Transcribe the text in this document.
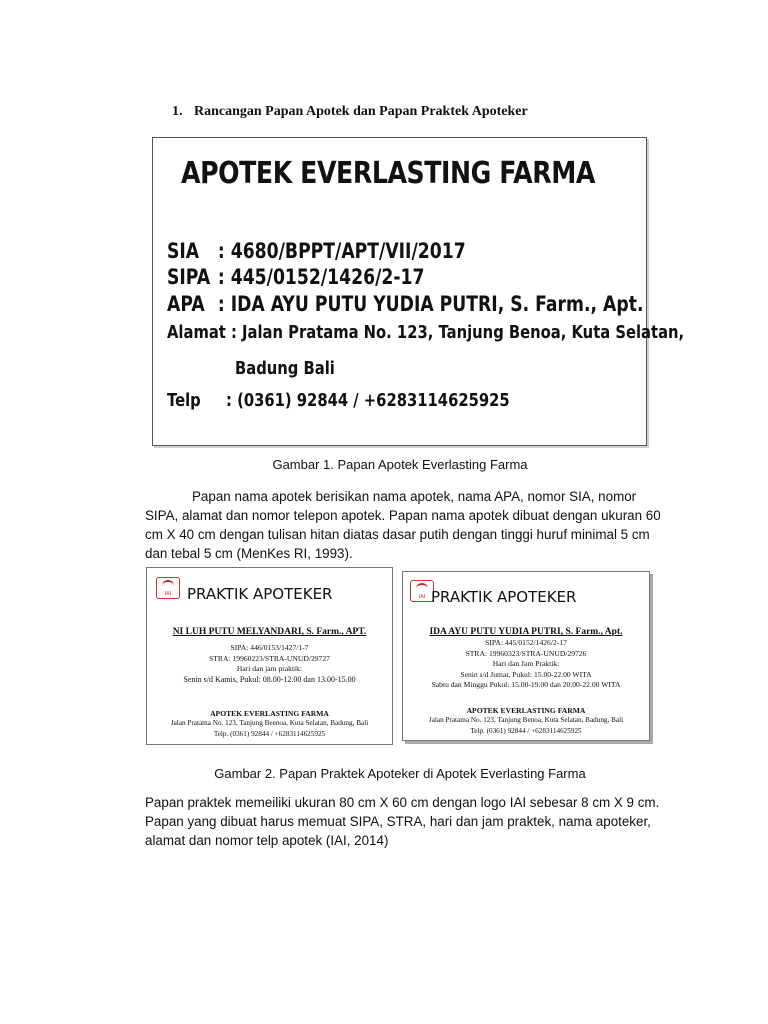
1. Rancangan Papan Apotek dan Papan Praktek Apoteker
APOTEK EVERLASTING FARMA
SIA : 4680/BPPT/APT/VII/2017
SIPA : 445/0152/1426/2-17
APA : IDA AYU PUTU YUDIA PUTRI, S. Farm., Apt.
Alamat : Jalan Pratama No. 123, Tanjung Benoa, Kuta Selatan,
Badung Bali
Telp : (0361) 92844 / +6283114625925
Gambar 1. Papan Apotek Everlasting Farma
Papan nama apotek berisikan nama apotek, nama APA, nomor SIA, nomor SIPA, alamat dan nomor telepon apotek. Papan nama apotek dibuat dengan ukuran 60 cm X 40 cm dengan tulisan hitan diatas dasar putih dengan tinggi huruf minimal 5 cm dan tebal 5 cm (MenKes RI, 1993).
IAI	PRAKTIK APOTEKER
NI LUH PUTU MELYANDARI, S. Farm., APT.
SIPA: 446/0153/1427/1-7
STRA: 19960223/STRA-UNUD/29727
Hari dan jam praktik:
Senin s/d Kamis, Pukul: 08.00-12.00 dan 13.00-15.00
APOTEK EVERLASTING FARMA
Jalan Pratama No. 123, Tanjung Beenoa, Kuta Selatan, Badung, Bali
Telp. (0361) 92844 / +6283114625925
IAI PRAKTIK APOTEKER
IDA AYU PUTU YUDIA PUTRI, S. Farm., Apt.
SIPA: 445/0152/1426/2-17
STRA: 19960323/STRA-UNUD/29726
Hari dan Jam Praktik:
Senin s/d Jumat, Pukul: 15.00-22.00 WITA
Sabtu dan Minggu Pukul: 15.00-19.00 dan 20.00-22.00 WITA
APOTEK EVERLASTING FARMA
Jalan Pratama No. 123, Tanjung Benoa, Kuta Selatan, Badung, Bali
Telp. (0361) 92844 / +6283114625925
Gambar 2. Papan Praktek Apoteker di Apotek Everlasting Farma
Papan praktek memeiliki ukuran 80 cm X 60 cm dengan logo IAI sebesar 8 cm X 9 cm. Papan yang dibuat harus memuat SIPA, STRA, hari dan jam praktek, nama apoteker, alamat dan nomor telp apotek (IAI, 2014)
